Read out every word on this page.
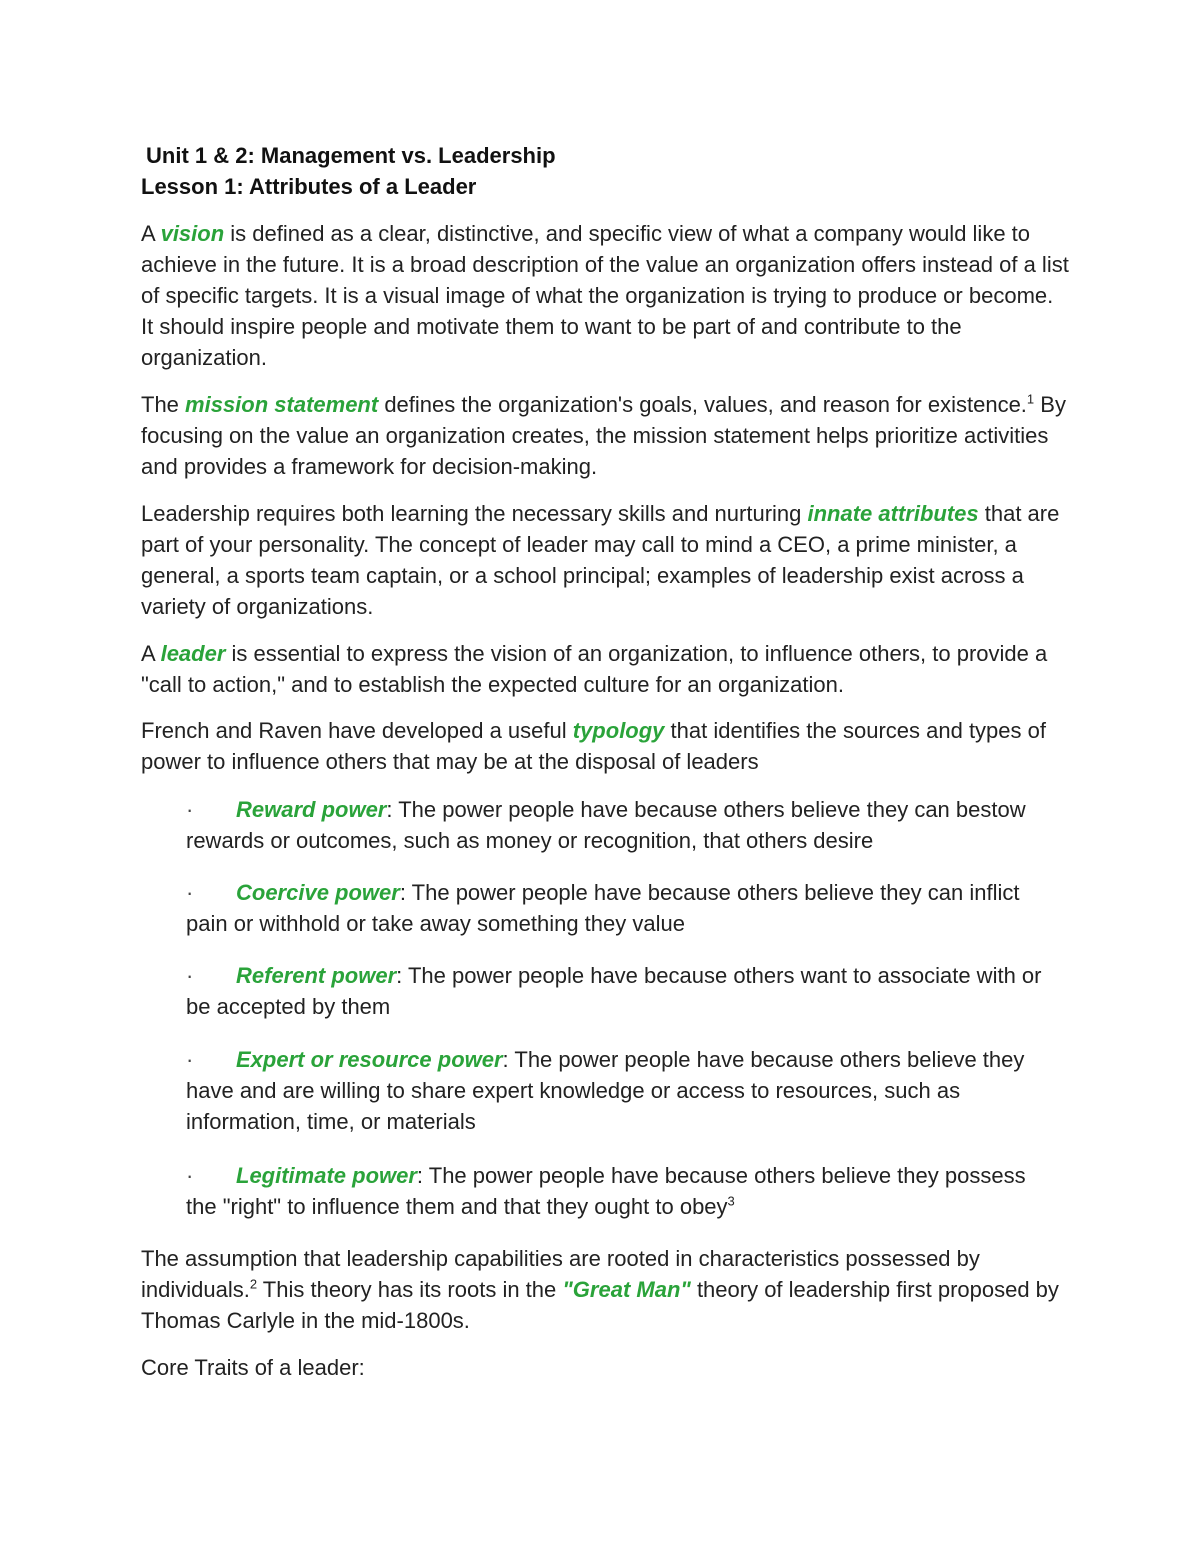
Unit 1 & 2: Management vs. Leadership
Lesson 1: Attributes of a Leader
A vision is defined as a clear, distinctive, and specific view of what a company would like to achieve in the future. It is a broad description of the value an organization offers instead of a list of specific targets. It is a visual image of what the organization is trying to produce or become. It should inspire people and motivate them to want to be part of and contribute to the organization.
The mission statement defines the organization's goals, values, and reason for existence.$^1$ By focusing on the value an organization creates, the mission statement helps prioritize activities and provides a framework for decision-making.
Leadership requires both learning the necessary skills and nurturing innate attributes that are part of your personality. The concept of leader may call to mind a CEO, a prime minister, a general, a sports team captain, or a school principal; examples of leadership exist across a variety of organizations.
A leader is essential to express the vision of an organization, to influence others, to provide a "call to action," and to establish the expected culture for an organization.
French and Raven have developed a useful typology that identifies the sources and types of power to influence others that may be at the disposal of leaders
· Reward power: The power people have because others believe they can bestow rewards or outcomes, such as money or recognition, that others desire
· Coercive power: The power people have because others believe they can inflict pain or withhold or take away something they value
· Referent power: The power people have because others want to associate with or be accepted by them
· Expert or resource power: The power people have because others believe they have and are willing to share expert knowledge or access to resources, such as information, time, or materials
· Legitimate power: The power people have because others believe they possess the "right" to influence them and that they ought to obey$^3$
The assumption that leadership capabilities are rooted in characteristics possessed by individuals.$^2$ This theory has its roots in the "Great Man" theory of leadership first proposed by Thomas Carlyle in the mid-1800s.
Core Traits of a leader:
